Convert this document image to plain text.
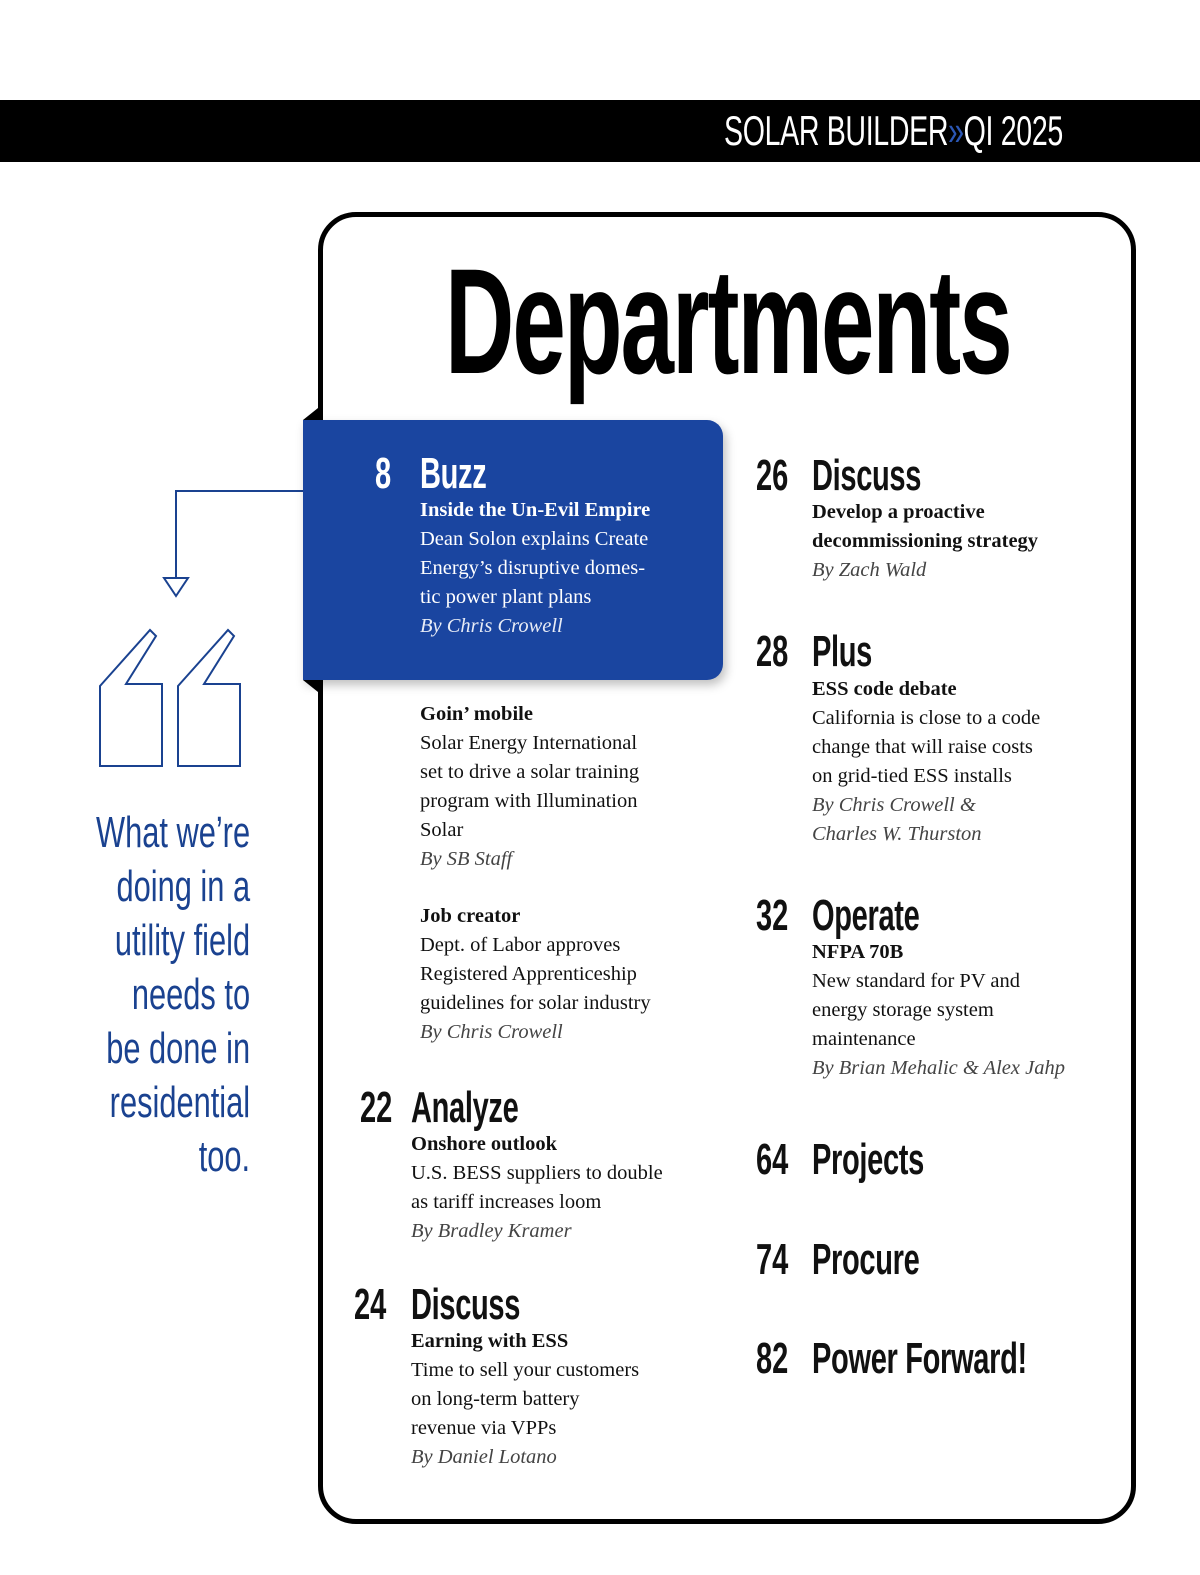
SOLAR BUILDER»QI 2025
Departments
What we’re
doing in a
utility field
needs to
be done in
residential
too.
8 Buzz
Inside the Un-Evil Empire
Dean Solon explains Create
Energy’s disruptive domes-
tic power plant plans
By Chris Crowell
Goin’ mobile
Solar Energy International
set to drive a solar training
program with Illumination
Solar
By SB Staff
Job creator
Dept. of Labor approves
Registered Apprenticeship
guidelines for solar industry
By Chris Crowell
22 Analyze
Onshore outlook
U.S. BESS suppliers to double
as tariff increases loom
By Bradley Kramer
24 Discuss
Earning with ESS
Time to sell your customers
on long-term battery
revenue via VPPs
By Daniel Lotano
26 Discuss
Develop a proactive
decommissioning strategy
By Zach Wald
28 Plus
ESS code debate
California is close to a code
change that will raise costs
on grid-tied ESS installs
By Chris Crowell &
Charles W. Thurston
32 Operate
NFPA 70B
New standard for PV and
energy storage system
maintenance
By Brian Mehalic & Alex Jahp
64 Projects
74 Procure
82 Power Forward!
